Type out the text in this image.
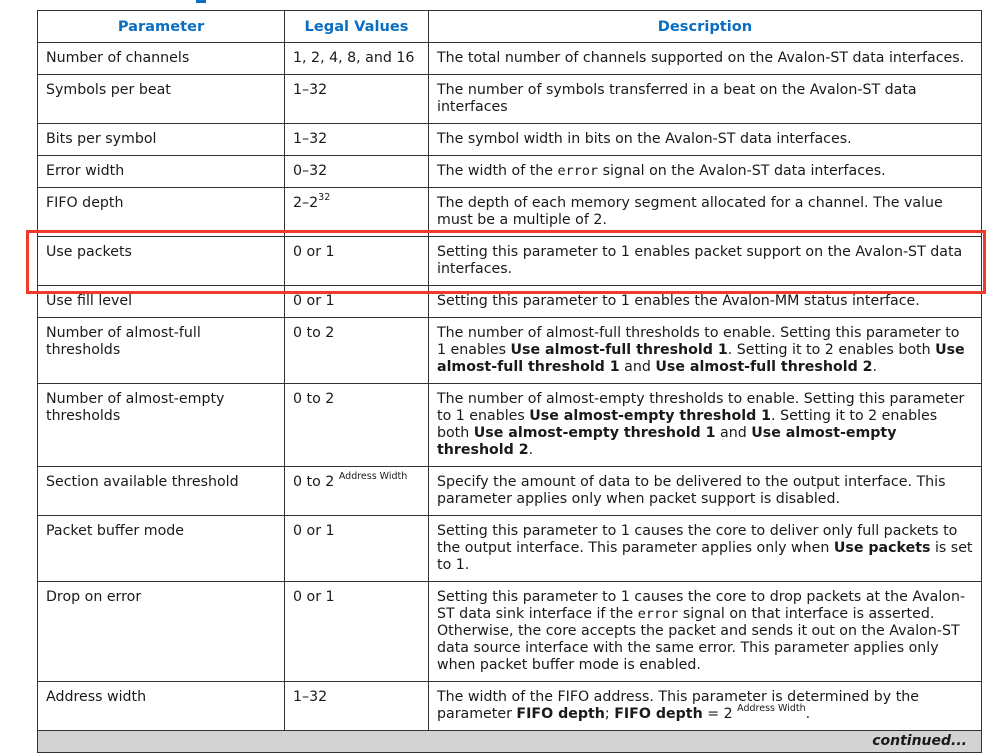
Parameter	Legal Values	Description
Number of channels	1, 2, 4, 8, and 16	The total number of channels supported on the Avalon-ST data interfaces.
Symbols per beat	1–32	The number of symbols transferred in a beat on the Avalon-ST data interfaces
Bits per symbol	1–32	The symbol width in bits on the Avalon-ST data interfaces.
Error width	0–32	The width of the error signal on the Avalon-ST data interfaces.
FIFO depth	$2-2^{32}$	The depth of each memory segment allocated for a channel. The value must be a multiple of 2.
Use packets	0 or 1	Setting this parameter to 1 enables packet support on the Avalon-ST data interfaces.
Use fill level	0 or 1	Setting this parameter to 1 enables the Avalon-MM status interface.
Number of almost-full thresholds	0 to 2	The number of almost-full thresholds to enable. Setting this parameter to 1 enables Use almost-full threshold 1. Setting it to 2 enables both Use almost-full threshold 1 and Use almost-full threshold 2.
Number of almost-empty thresholds	0 to 2	The number of almost-empty thresholds to enable. Setting this parameter to 1 enables Use almost-empty threshold 1. Setting it to 2 enables both Use almost-empty threshold 1 and Use almost-empty threshold 2.
Section available threshold	0 to 2 $^{Address Width}$	Specify the amount of data to be delivered to the output interface. This parameter applies only when packet support is disabled.
Packet buffer mode	0 or 1	Setting this parameter to 1 causes the core to deliver only full packets to the output interface. This parameter applies only when Use packets is set to 1.
Drop on error	0 or 1	Setting this parameter to 1 causes the core to drop packets at the Avalon-ST data sink interface if the error signal on that interface is asserted. Otherwise, the core accepts the packet and sends it out on the Avalon-ST data source interface with the same error. This parameter applies only when packet buffer mode is enabled.
Address width	1–32	The width of the FIFO address. This parameter is determined by the parameter FIFO depth; FIFO depth = 2 $^{Address Width}$.
continued...		
